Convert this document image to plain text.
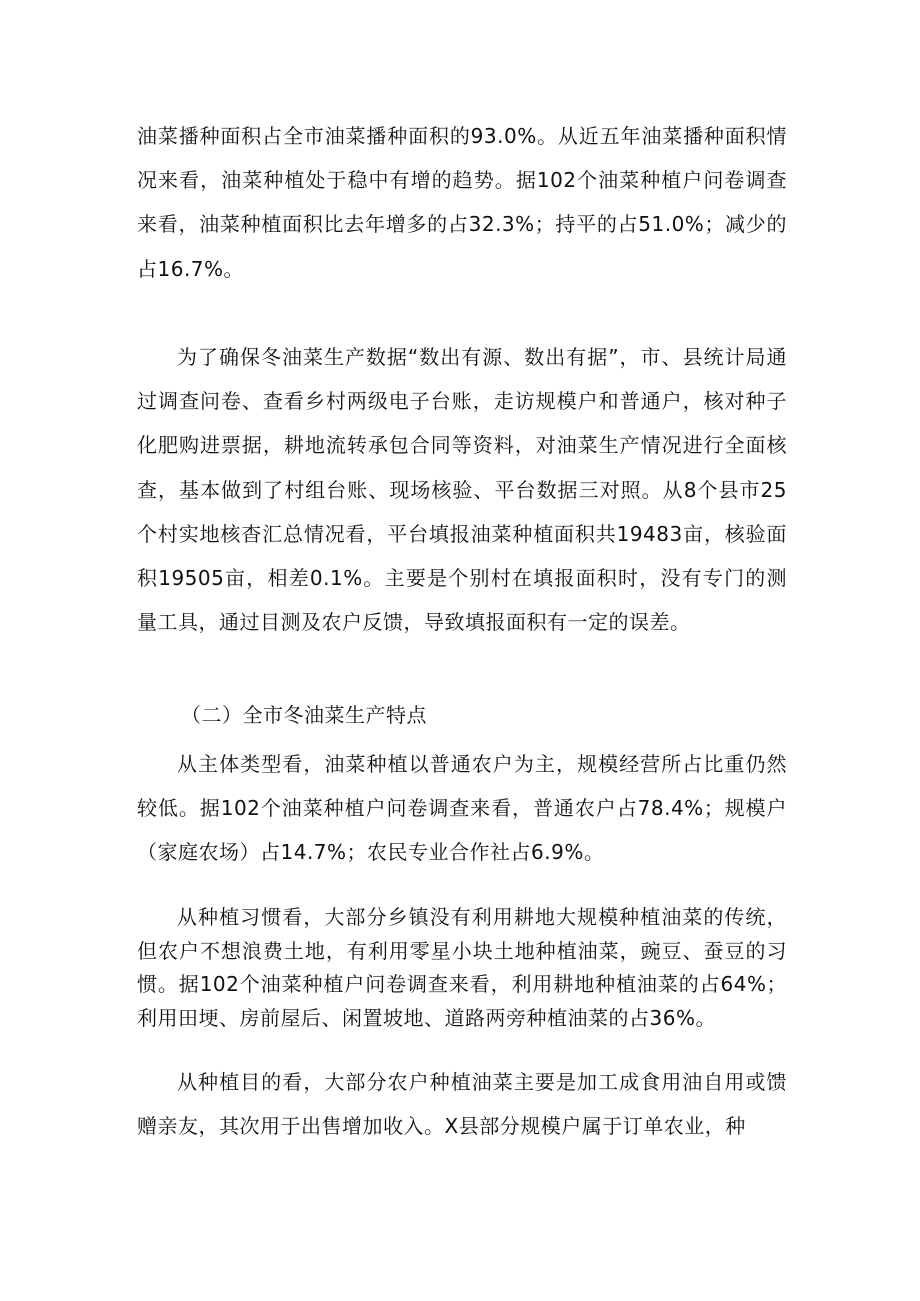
油菜播种面积占全市油菜播种面积的93.0%。从近五年油菜播种面积情况来看，油菜种植处于稳中有增的趋势。据102个油菜种植户问卷调查来看，油菜种植面积比去年增多的占32.3%；持平的占51.0%；减少的占16.7%。

为了确保冬油菜生产数据“数出有源、数出有据”，市、县统计局通过调查问卷、查看乡村两级电子台账，走访规模户和普通户，核对种子化肥购进票据，耕地流转承包合同等资料，对油菜生产情况进行全面核查，基本做到了村组台账、现场核验、平台数据三对照。从8个县市25个村实地核杳汇总情况看，平台填报油菜种植面积共19483亩，核验面积19505亩，相差0.1%。主要是个别村在填报面积时，没有专门的测量工具，通过目测及农户反馈，导致填报面积有一定的误差。

（二）全市冬油菜生产特点

从主体类型看，油菜种植以普通农户为主，规模经营所占比重仍然较低。据102个油菜种植户问卷调查来看，普通农户占78.4%；规模户（家庭农场）占14.7%；农民专业合作社占6.9%。

从种植习惯看，大部分乡镇没有利用耕地大规模种植油菜的传统，但农户不想浪费土地，有利用零星小块土地种植油菜，豌豆、蚕豆的习惯。据102个油菜种植户问卷调查来看，利用耕地种植油菜的占64%；利用田埂、房前屋后、闲置坡地、道路两旁种植油菜的占36%。

从种植目的看，大部分农户种植油菜主要是加工成食用油自用或馈赠亲友，其次用于出售增加收入。X县部分规模户属于订单农业，种
